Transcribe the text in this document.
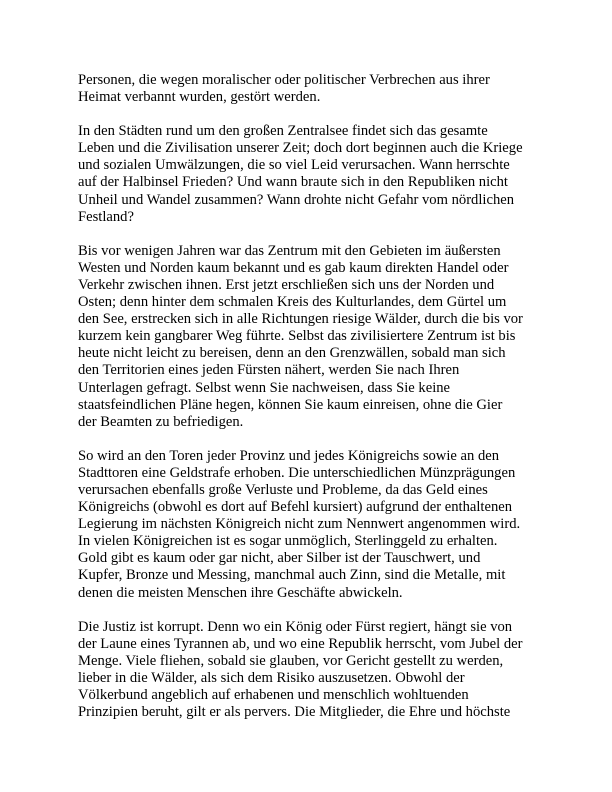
Personen, die wegen moralischer oder politischer Verbrechen aus ihrer
Heimat verbannt wurden, gestört werden.

In den Städten rund um den großen Zentralsee findet sich das gesamte
Leben und die Zivilisation unserer Zeit; doch dort beginnen auch die Kriege
und sozialen Umwälzungen, die so viel Leid verursachen. Wann herrschte
auf der Halbinsel Frieden? Und wann braute sich in den Republiken nicht
Unheil und Wandel zusammen? Wann drohte nicht Gefahr vom nördlichen
Festland?

Bis vor wenigen Jahren war das Zentrum mit den Gebieten im äußersten
Westen und Norden kaum bekannt und es gab kaum direkten Handel oder
Verkehr zwischen ihnen. Erst jetzt erschließen sich uns der Norden und
Osten; denn hinter dem schmalen Kreis des Kulturlandes, dem Gürtel um
den See, erstrecken sich in alle Richtungen riesige Wälder, durch die bis vor
kurzem kein gangbarer Weg führte. Selbst das zivilisiertere Zentrum ist bis
heute nicht leicht zu bereisen, denn an den Grenzwällen, sobald man sich
den Territorien eines jeden Fürsten nähert, werden Sie nach Ihren
Unterlagen gefragt. Selbst wenn Sie nachweisen, dass Sie keine
staatsfeindlichen Pläne hegen, können Sie kaum einreisen, ohne die Gier
der Beamten zu befriedigen.

So wird an den Toren jeder Provinz und jedes Königreichs sowie an den
Stadttoren eine Geldstrafe erhoben. Die unterschiedlichen Münzprägungen
verursachen ebenfalls große Verluste und Probleme, da das Geld eines
Königreichs (obwohl es dort auf Befehl kursiert) aufgrund der enthaltenen
Legierung im nächsten Königreich nicht zum Nennwert angenommen wird.
In vielen Königreichen ist es sogar unmöglich, Sterlinggeld zu erhalten.
Gold gibt es kaum oder gar nicht, aber Silber ist der Tauschwert, und
Kupfer, Bronze und Messing, manchmal auch Zinn, sind die Metalle, mit
denen die meisten Menschen ihre Geschäfte abwickeln.

Die Justiz ist korrupt. Denn wo ein König oder Fürst regiert, hängt sie von
der Laune eines Tyrannen ab, und wo eine Republik herrscht, vom Jubel der
Menge. Viele fliehen, sobald sie glauben, vor Gericht gestellt zu werden,
lieber in die Wälder, als sich dem Risiko auszusetzen. Obwohl der
Völkerbund angeblich auf erhabenen und menschlich wohltuenden
Prinzipien beruht, gilt er als pervers. Die Mitglieder, die Ehre und höchste
